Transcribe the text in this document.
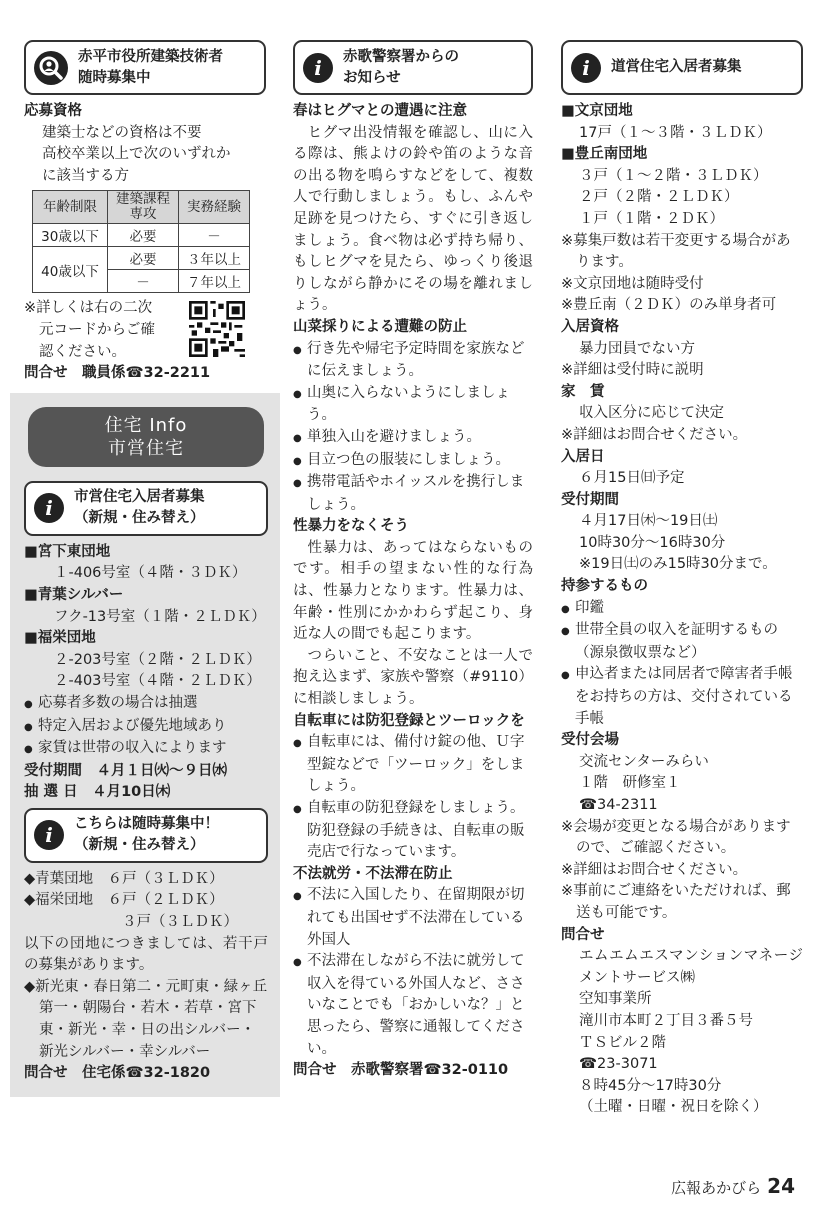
赤平市役所建築技術者
随時募集中

応募資格

建築士などの資格は不要

高校卒業以上で次のいずれか

に該当する方

年齢制限	建築課程専攻	実務経験
30歳以下	必要	－
40歳以下	必要	３年以上
	－	７年以上

※詳しくは右の二次

元コードからご確

認ください。

問合せ　職員係☎32-2211

住宅 Info
市営住宅
i	市営住宅入居者募集
（新規・住み替え）

■宮下東団地

１-406号室（４階・３ＤＫ）

■青葉シルバー

フク-13号室（１階・２ＬＤＫ）

■福栄団地

２-203号室（２階・２ＬＤＫ）

２-403号室（４階・２ＬＤＫ）

● 応募者多数の場合は抽選

● 特定入居および優先地域あり

● 家賃は世帯の収入によります

受付期間　４月１日㈫～９日㈬

抽 選 日　４月10日㈭

i	こちらは随時募集中！
（新規・住み替え）

◆青葉団地　６戸（３ＬＤＫ）

◆福栄団地　６戸（２ＬＤＫ）

３戸（３ＬＤＫ）

以下の団地につきましては、若干戸の募集があります。

◆新光東・春日第二・元町東・緑ヶ丘第一・朝陽台・若木・若草・宮下東・新光・幸・日の出シルバー・新光シルバー・幸シルバー

問合せ　住宅係☎32-1820

i	赤歌警察署からの
お知らせ

春はヒグマとの遭遇に注意

ヒグマ出没情報を確認し、山に入る際は、熊よけの鈴や笛のような音の出る物を鳴らすなどをして、複数人で行動しましょう。もし、ふんや足跡を見つけたら、すぐに引き返しましょう。食べ物は必ず持ち帰り、もしヒグマを見たら、ゆっくり後退りしながら静かにその場を離れましょう。

山菜採りによる遭難の防止

● 行き先や帰宅予定時間を家族などに伝えましょう。

● 山奥に入らないようにしましょう。

● 単独入山を避けましょう。

● 目立つ色の服装にしましょう。

● 携帯電話やホイッスルを携行しましょう。

性暴力をなくそう

性暴力は、あってはならないものです。相手の望まない性的な行為は、性暴力となります。性暴力は、年齢・性別にかかわらず起こり、身近な人の間でも起こります。

つらいこと、不安なことは一人で抱え込まず、家族や警察（#9110）に相談しましょう。

自転車には防犯登録とツーロックを

● 自転車には、備付け錠の他、Ｕ字型錠などで「ツーロック」をしましょう。

● 自転車の防犯登録をしましょう。防犯登録の手続きは、自転車の販売店で行なっています。

不法就労・不法滞在防止

● 不法に入国したり、在留期限が切れても出国せず不法滞在している外国人

● 不法滞在しながら不法に就労して収入を得ている外国人など、ささいなことでも「おかしいな？」と思ったら、警察に通報してください。

問合せ　赤歌警察署☎32-0110

i	道営住宅入居者募集

■文京団地

17戸（１～３階・３ＬＤＫ）

■豊丘南団地

３戸（１～２階・３ＬＤＫ）

２戸（２階・２ＬＤＫ）

１戸（１階・２ＤＫ）

※募集戸数は若干変更する場合があります。

※文京団地は随時受付

※豊丘南（２ＤＫ）のみ単身者可

入居資格

暴力団員でない方

※詳細は受付時に説明

家　賃

収入区分に応じて決定

※詳細はお問合せください。

入居日

６月15日㈰予定

受付期間

４月17日㈭～19日㈯

10時30分～16時30分

※19日㈯のみ15時30分まで。

持参するもの

● 印鑑

● 世帯全員の収入を証明するもの（源泉徴収票など）

● 申込者または同居者で障害者手帳をお持ちの方は、交付されている手帳

受付会場

交流センターみらい

１階　研修室１

☎34-2311

※会場が変更となる場合がありますので、ご確認ください。

※詳細はお問合せください。

※事前にご連絡をいただければ、郵送も可能です。

問合せ

エムエムエスマンションマネージメントサービス㈱

空知事業所

滝川市本町２丁目３番５号

ＴＳビル２階

☎23-3071

８時45分～17時30分

（土曜・日曜・祝日を除く）

広報あかびら 24
